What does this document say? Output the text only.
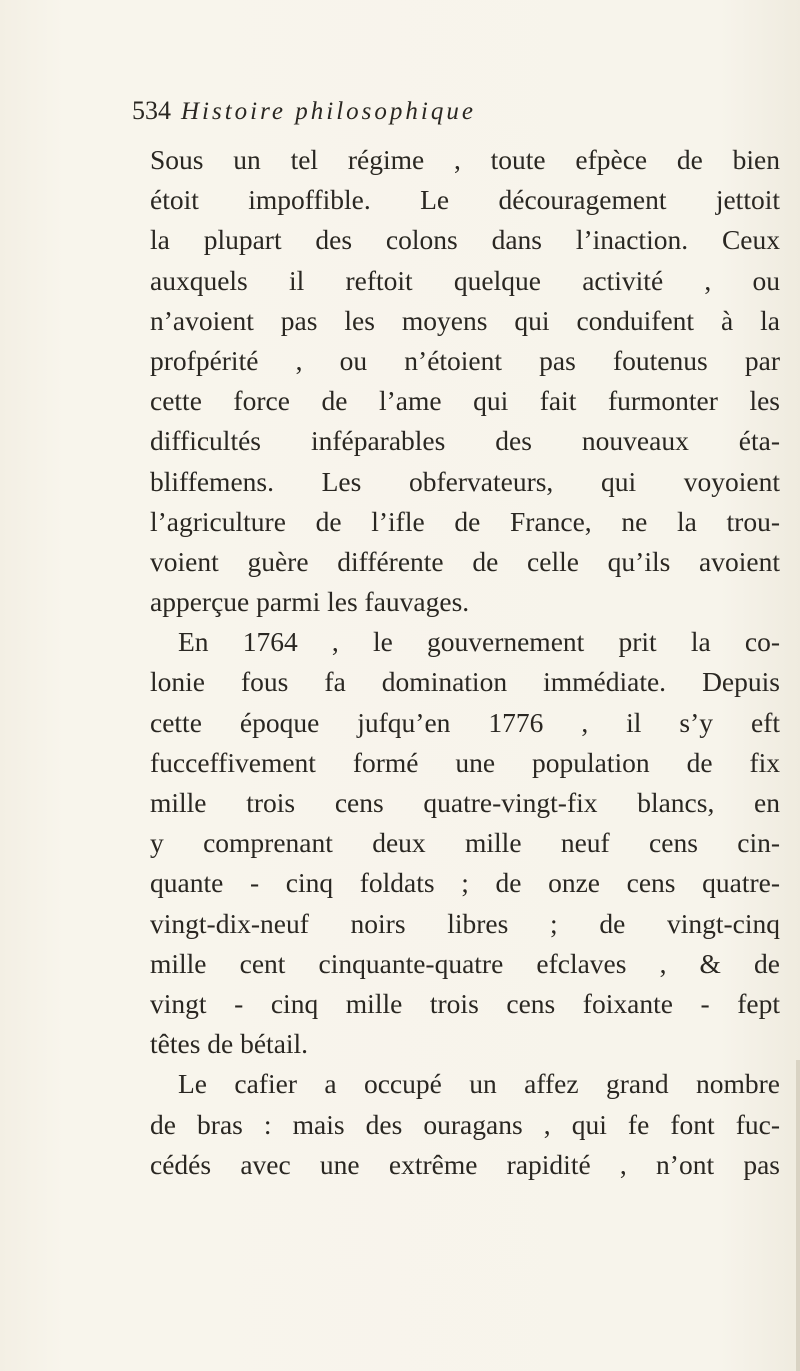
534 Histoire philosophique
Sous un tel régime , toute efpèce de bien
étoit impoffible. Le découragement jettoit
la plupart des colons dans l’inaction. Ceux
auxquels il reftoit quelque activité , ou
n’avoient pas les moyens qui conduifent à la
profpérité , ou n’étoient pas foutenus par
cette force de l’ame qui fait furmonter les
difficultés inféparables des nouveaux éta-
bliffemens. Les obfervateurs, qui voyoient
l’agriculture de l’ifle de France, ne la trou-
voient guère différente de celle qu’ils avoient
apperçue parmi les fauvages.
En 1764 , le gouvernement prit la co-
lonie fous fa domination immédiate. Depuis
cette époque jufqu’en 1776 , il s’y eft
fucceffivement formé une population de fix
mille trois cens quatre-vingt-fix blancs, en
y comprenant deux mille neuf cens cin-
quante - cinq foldats ; de onze cens quatre-
vingt-dix-neuf noirs libres ; de vingt-cinq
mille cent cinquante-quatre efclaves , & de
vingt - cinq mille trois cens foixante - fept
têtes de bétail.
Le cafier a occupé un affez grand nombre
de bras : mais des ouragans , qui fe font fuc-
cédés avec une extrême rapidité , n’ont pas
